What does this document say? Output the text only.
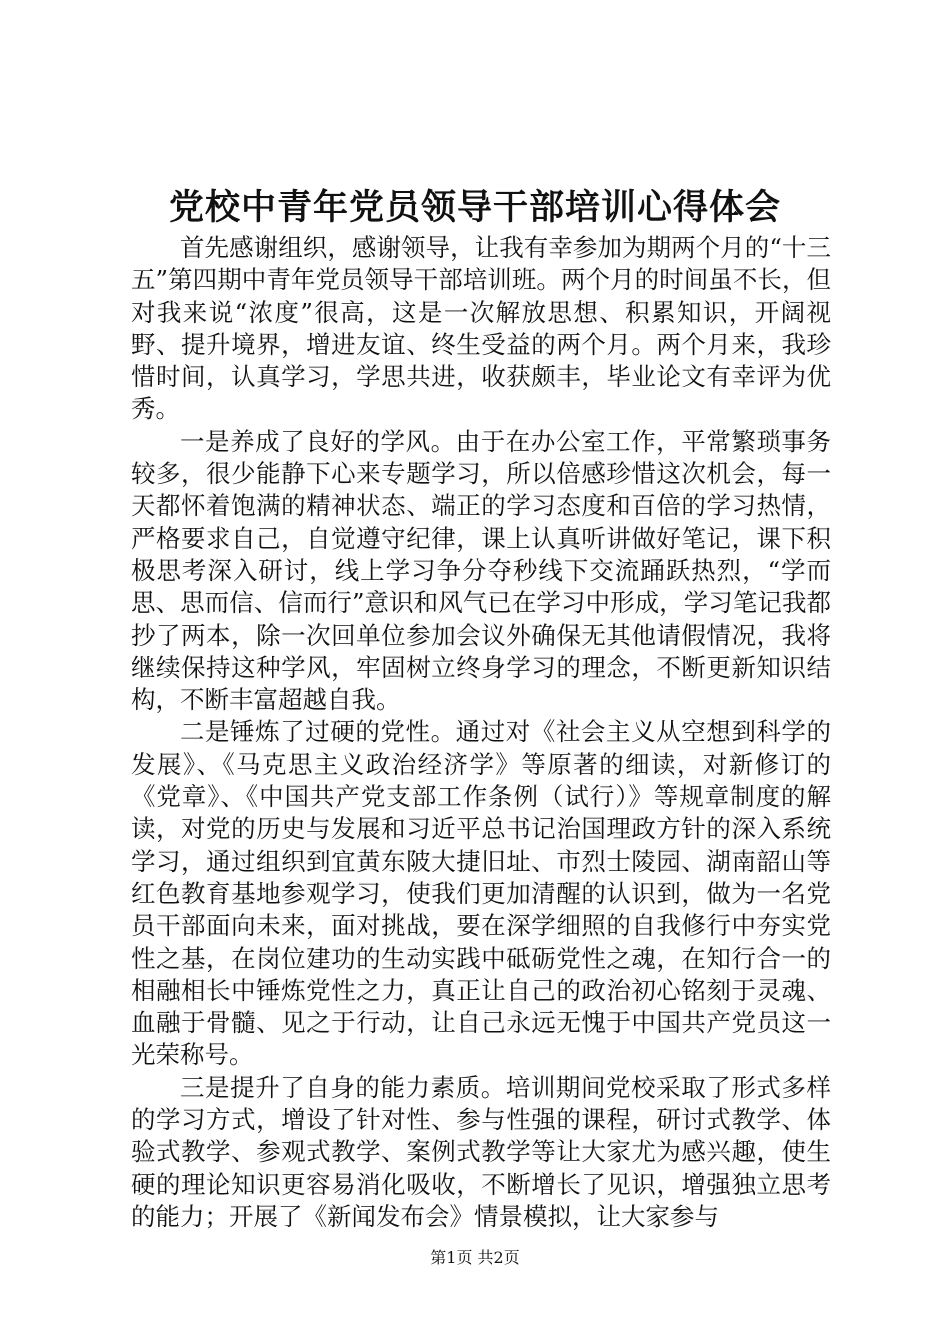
党校中青年党员领导干部培训心得体会

首先感谢组织，感谢领导，让我有幸参加为期两个月的“十三五”第四期中青年党员领导干部培训班。两个月的时间虽不长，但对我来说“浓度”很高，这是一次解放思想、积累知识，开阔视野、提升境界，增进友谊、终生受益的两个月。两个月来，我珍惜时间，认真学习，学思共进，收获颇丰，毕业论文有幸评为优秀。

一是养成了良好的学风。由于在办公室工作，平常繁琐事务较多，很少能静下心来专题学习，所以倍感珍惜这次机会，每一天都怀着饱满的精神状态、端正的学习态度和百倍的学习热情，严格要求自己，自觉遵守纪律，课上认真听讲做好笔记，课下积极思考深入研讨，线上学习争分夺秒线下交流踊跃热烈，“学而思、思而信、信而行”意识和风气已在学习中形成，学习笔记我都抄了两本，除一次回单位参加会议外确保无其他请假情况，我将继续保持这种学风，牢固树立终身学习的理念，不断更新知识结构，不断丰富超越自我。

二是锤炼了过硬的党性。通过对《社会主义从空想到科学的发展》、《马克思主义政治经济学》等原著的细读，对新修订的《党章》、《中国共产党支部工作条例（试行）》等规章制度的解读，对党的历史与发展和习近平总书记治国理政方针的深入系统学习，通过组织到宜黄东陂大捷旧址、市烈士陵园、湖南韶山等红色教育基地参观学习，使我们更加清醒的认识到，做为一名党员干部面向未来，面对挑战，要在深学细照的自我修行中夯实党性之基，在岗位建功的生动实践中砥砺党性之魂，在知行合一的相融相长中锤炼党性之力，真正让自己的政治初心铭刻于灵魂、血融于骨髓、见之于行动，让自己永远无愧于中国共产党员这一光荣称号。

三是提升了自身的能力素质。培训期间党校采取了形式多样的学习方式，增设了针对性、参与性强的课程，研讨式教学、体验式教学、参观式教学、案例式教学等让大家尤为感兴趣，使生硬的理论知识更容易消化吸收，不断增长了见识，增强独立思考的能力；开展了《新闻发布会》情景模拟，让大家参与

第1页 共2页
